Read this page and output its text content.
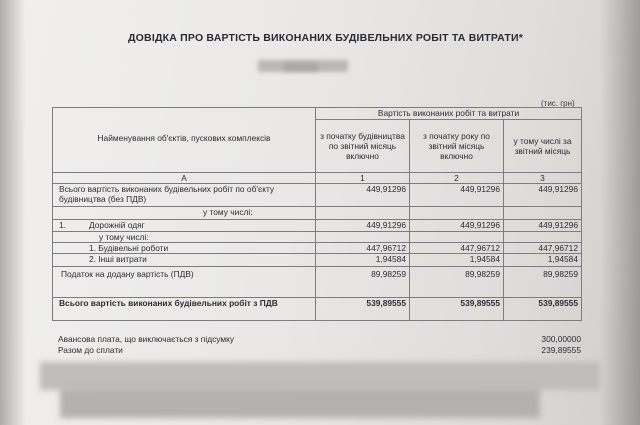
ДОВІДКА ПРО ВАРТІСТЬ ВИКОНАНИХ БУДІВЕЛЬНИХ РОБІТ ТА ВИТРАТИ*
(тис. грн)
Найменування об'єктів, пускових комплексів	Вартість виконаних робіт та витрати		
	з початку будівництва по звітний місяць включно	з початку року по звітний місяць включно	у тому числі за звітний місяць
A	1	2	3
Всього вартість виконаних будівельних робіт по об'єкту будівництва (без ПДВ)	449,91296	449,91296	449,91296
у тому числі:			
1. Дорожній одяг	449,91296	449,91296	449,91296
у тому числі:			
1. Будівельні роботи	447,96712	447,96712	447,96712
2. Інші витрати	1,94584	1,94584	1,94584
Податок на додану вартість (ПДВ)	89,98259	89,98259	89,98259
Всього вартість виконаних будівельних робіт з ПДВ	539,89555	539,89555	539,89555
Авансова плата, що виключається з підсумку	300,00000
Разом до сплати	239,89555
